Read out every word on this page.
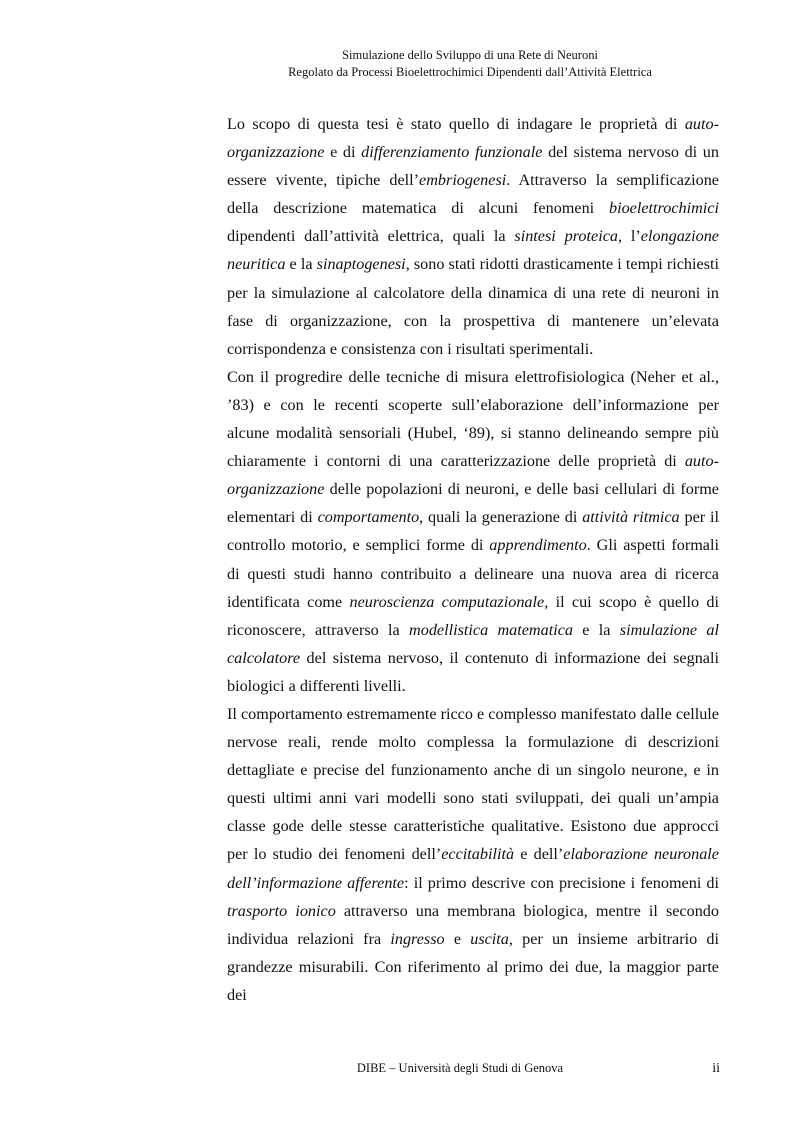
Simulazione dello Sviluppo di una Rete di Neuroni
Regolato da Processi Bioelettrochimici Dipendenti dall’Attività Elettrica

Lo scopo di questa tesi è stato quello di indagare le proprietà di auto-organizzazione e di differenziamento funzionale del sistema nervoso di un essere vivente, tipiche dell’embriogenesi. Attraverso la semplificazione della descrizione matematica di alcuni fenomeni bioelettrochimici dipendenti dall’attività elettrica, quali la sintesi proteica, l’elongazione neuritica e la sinaptogenesi, sono stati ridotti drasticamente i tempi richiesti per la simulazione al calcolatore della dinamica di una rete di neuroni in fase di organizzazione, con la prospettiva di mantenere un’elevata corrispondenza e consistenza con i risultati sperimentali.

Con il progredire delle tecniche di misura elettrofisiologica (Neher et al., ’83) e con le recenti scoperte sull’elaborazione dell’informazione per alcune modalità sensoriali (Hubel, ‘89), si stanno delineando sempre più chiaramente i contorni di una caratterizzazione delle proprietà di auto-organizzazione delle popolazioni di neuroni, e delle basi cellulari di forme elementari di comportamento, quali la generazione di attività ritmica per il controllo motorio, e semplici forme di apprendimento. Gli aspetti formali di questi studi hanno contribuito a delineare una nuova area di ricerca identificata come neuroscienza computazionale, il cui scopo è quello di riconoscere, attraverso la modellistica matematica e la simulazione al calcolatore del sistema nervoso, il contenuto di informazione dei segnali biologici a differenti livelli.

Il comportamento estremamente ricco e complesso manifestato dalle cellule nervose reali, rende molto complessa la formulazione di descrizioni dettagliate e precise del funzionamento anche di un singolo neurone, e in questi ultimi anni vari modelli sono stati sviluppati, dei quali un’ampia classe gode delle stesse caratteristiche qualitative. Esistono due approcci per lo studio dei fenomeni dell’eccitabilità e dell’elaborazione neuronale dell’informazione afferente: il primo descrive con precisione i fenomeni di trasporto ionico attraverso una membrana biologica, mentre il secondo individua relazioni fra ingresso e uscita, per un insieme arbitrario di grandezze misurabili. Con riferimento al primo dei due, la maggior parte dei

DIBE – Università degli Studi di Genova	ii
